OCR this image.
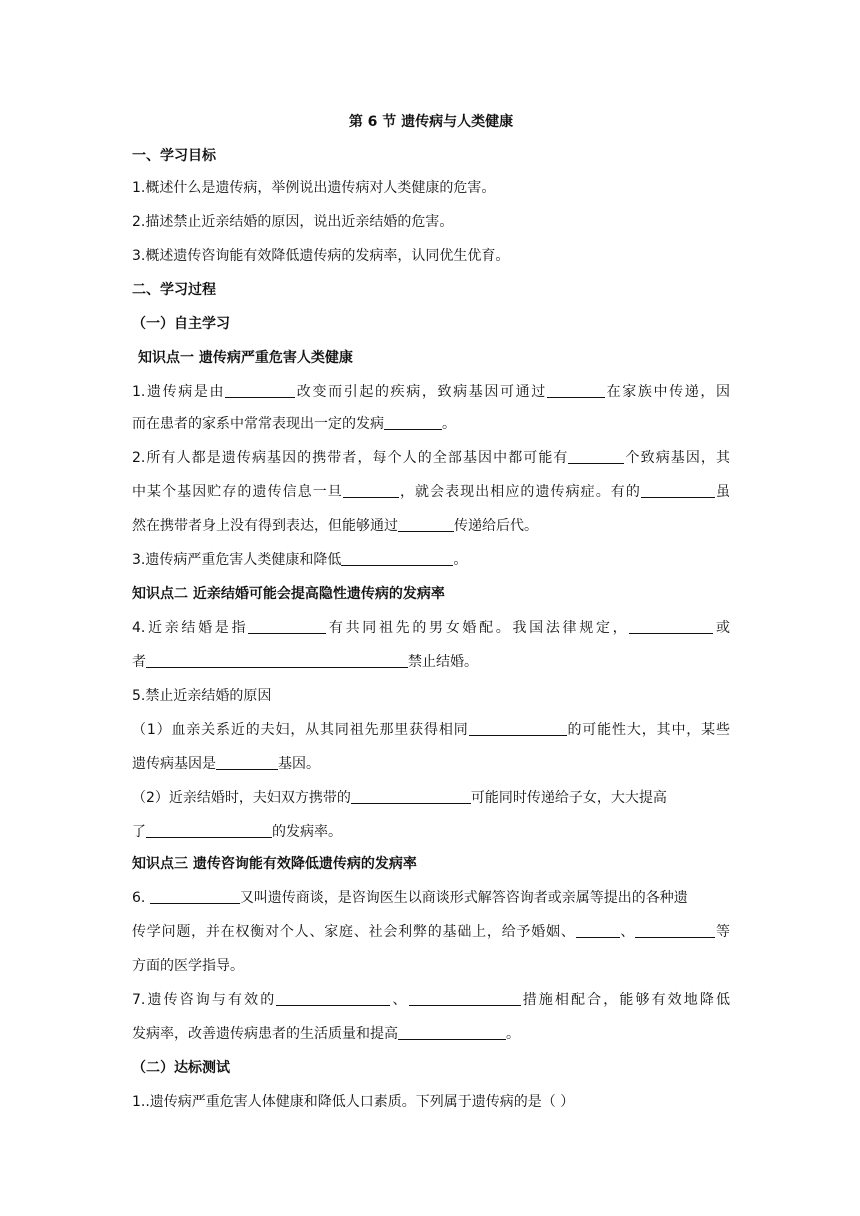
第 6 节 遗传病与人类健康
一、学习目标
1.概述什么是遗传病，举例说出遗传病对人类健康的危害。
2.描述禁止近亲结婚的原因，说出近亲结婚的危害。
3.概述遗传咨询能有效降低遗传病的发病率，认同优生优育。
二、学习过程
（一）自主学习
知识点一 遗传病严重危害人类健康
1.遗传病是由	改变而引起的疾病，致病基因可通过	在家族中传递，因
而在患者的家系中常常表现出一定的发病	。
2.所有人都是遗传病基因的携带者，每个人的全部基因中都可能有	个致病基因，其
中某个基因贮存的遗传信息一旦	，就会表现出相应的遗传病症。有的	虽
然在携带者身上没有得到表达，但能够通过	传递给后代。
3.遗传病严重危害人类健康和降低	。
知识点二 近亲结婚可能会提高隐性遗传病的发病率
4.近亲结婚是指	有共同祖先的男女婚配。我国法律规定，	或
者	禁止结婚。
5.禁止近亲结婚的原因
（1）血亲关系近的夫妇，从其同祖先那里获得相同	的可能性大，其中，某些
遗传病基因是	基因。
（2）近亲结婚时，夫妇双方携带的	可能同时传递给子女，大大提高
了	的发病率。
知识点三 遗传咨询能有效降低遗传病的发病率
6.	又叫遗传商谈，是咨询医生以商谈形式解答咨询者或亲属等提出的各种遗
传学问题，并在权衡对个人、家庭、社会利弊的基础上，给予婚姻、	、	等
方面的医学指导。
7.遗传咨询与有效的	、	措施相配合，能够有效地降低
发病率，改善遗传病患者的生活质量和提高	。
（二）达标测试
1..遗传病严重危害人体健康和降低人口素质。下列属于遗传病的是（ ）
